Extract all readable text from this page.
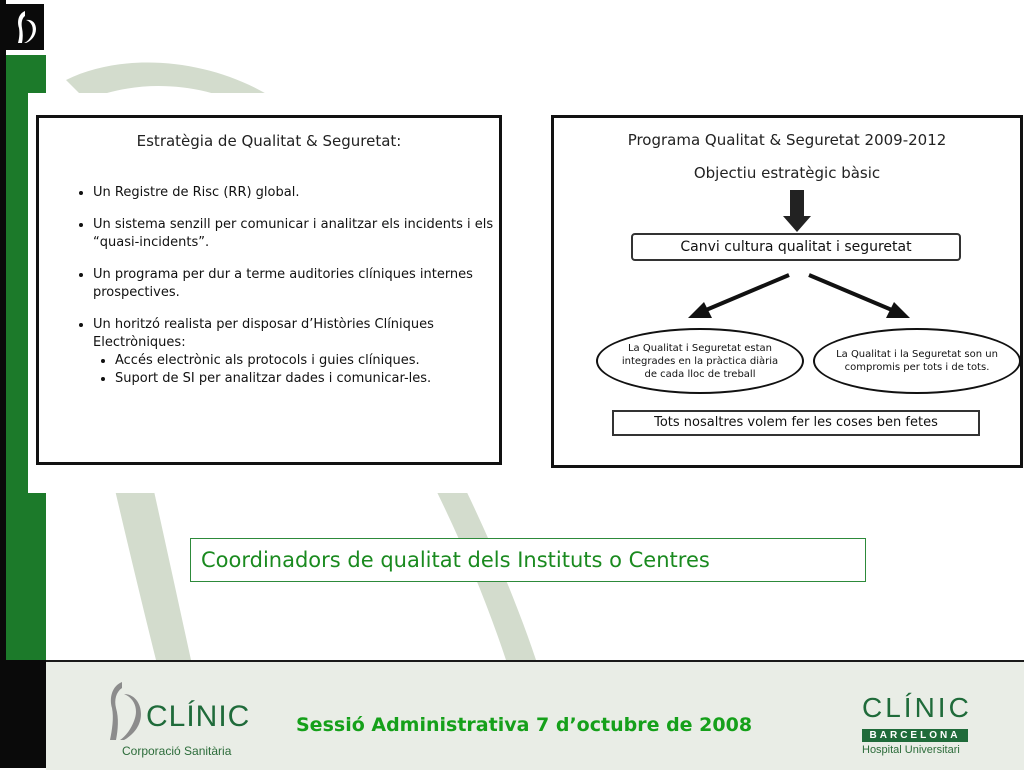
Estratègia de Qualitat & Seguretat:
• Un Registre de Risc (RR) global.
• Un sistema senzill per comunicar i analitzar els incidents i els “quasi-incidents”.
• Un programa per dur a terme auditories clíniques internes prospectives.
• Un horitzó realista per disposar d’Històries Clíniques Electròniques:
• Accés electrònic als protocols i guies clíniques.
• Suport de SI per analitzar dades i comunicar-les.
Programa Qualitat & Seguretat 2009-2012
Objectiu estratègic bàsic
Canvi cultura qualitat i seguretat
La Qualitat i Seguretat estan integrades en la pràctica diària de cada lloc de treball
La Qualitat i la Seguretat son un compromis per tots i de tots.
Tots nosaltres volem fer les coses ben fetes
Coordinadors de qualitat dels Instituts o Centres
CLÍNIC
Corporació Sanitària
Sessió Administrativa 7 d’octubre de 2008
CLÍNIC
BARCELONA
Hospital Universitari
